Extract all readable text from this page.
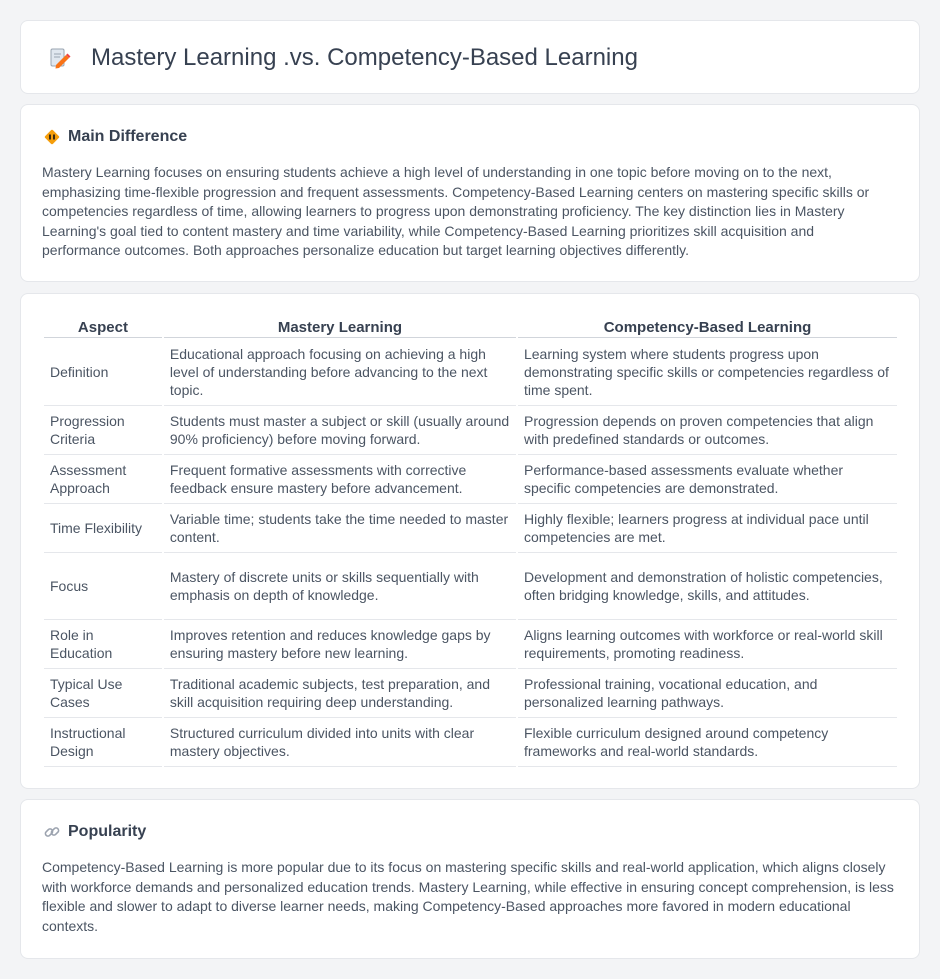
Mastery Learning .vs. Competency-Based Learning
Main Difference

Mastery Learning focuses on ensuring students achieve a high level of understanding in one topic before moving on to the next, emphasizing time-flexible progression and frequent assessments. Competency-Based Learning centers on mastering specific skills or competencies regardless of time, allowing learners to progress upon demonstrating proficiency. The key distinction lies in Mastery Learning's goal tied to content mastery and time variability, while Competency-Based Learning prioritizes skill acquisition and performance outcomes. Both approaches personalize education but target learning objectives differently.

Aspect	Mastery Learning	Competency-Based Learning
Definition	Educational approach focusing on achieving a high level of understanding before advancing to the next topic.	Learning system where students progress upon demonstrating specific skills or competencies regardless of time spent.
Progression Criteria	Students must master a subject or skill (usually around 90% proficiency) before moving forward.	Progression depends on proven competencies that align with predefined standards or outcomes.
Assessment Approach	Frequent formative assessments with corrective feedback ensure mastery before advancement.	Performance-based assessments evaluate whether specific competencies are demonstrated.
Time Flexibility	Variable time; students take the time needed to master content.	Highly flexible; learners progress at individual pace until competencies are met.
Focus	Mastery of discrete units or skills sequentially with emphasis on depth of knowledge.	Development and demonstration of holistic competencies, often bridging knowledge, skills, and attitudes.
Role in Education	Improves retention and reduces knowledge gaps by ensuring mastery before new learning.	Aligns learning outcomes with workforce or real-world skill requirements, promoting readiness.
Typical Use Cases	Traditional academic subjects, test preparation, and skill acquisition requiring deep understanding.	Professional training, vocational education, and personalized learning pathways.
Instructional Design	Structured curriculum divided into units with clear mastery objectives.	Flexible curriculum designed around competency frameworks and real-world standards.
Popularity

Competency-Based Learning is more popular due to its focus on mastering specific skills and real-world application, which aligns closely with workforce demands and personalized education trends. Mastery Learning, while effective in ensuring concept comprehension, is less flexible and slower to adapt to diverse learner needs, making Competency-Based approaches more favored in modern educational contexts.
